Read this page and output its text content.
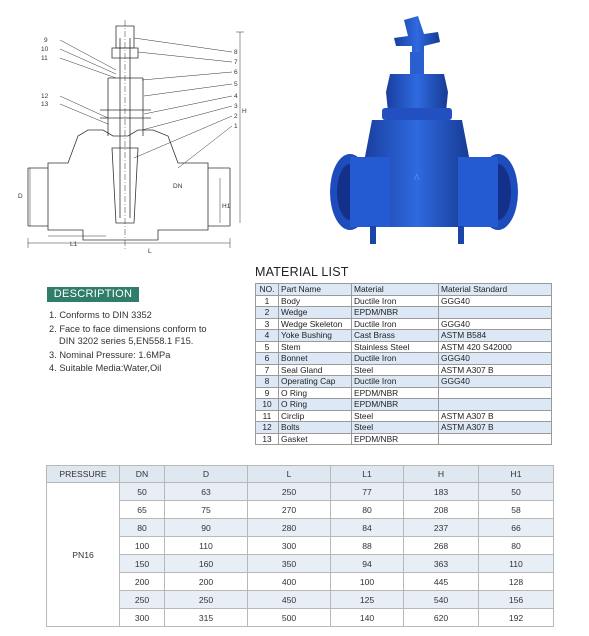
9
10
11
12
13
8
7
6
5
4
3
2
1
H
H1
D
DN
L
L1
Λ
DESCRIPTION
1. Conforms to DIN 3352
2. Face to face dimensions conform to
DIN 3202 series 5,EN558.1 F15.
3. Nominal Pressure: 1.6MPa
4. Suitable Media:Water,Oil
MATERIAL LIST
NO.	Part Name	Material	Material Standard
1	Body	Ductile Iron	GGG40
2	Wedge	EPDM/NBR	
3	Wedge Skeleton	Ductile Iron	GGG40
4	Yoke Bushing	Cast Brass	ASTM B584
5	Stem	Stainless Steel	ASTM 420 S42000
6	Bonnet	Ductile Iron	GGG40
7	Seal Gland	Steel	ASTM A307 B
8	Operating Cap	Ductile Iron	GGG40
9	O Ring	EPDM/NBR	
10	O Ring	EPDM/NBR	
11	Circlip	Steel	ASTM A307 B
12	Bolts	Steel	ASTM A307 B
13	Gasket	EPDM/NBR	
PRESSURE	DN	D	L	L1	H	H1
PN16	50	63	250	77	183	50
	65	75	270	80	208	58
	80	90	280	84	237	66
	100	110	300	88	268	80
	150	160	350	94	363	110
	200	200	400	100	445	128
	250	250	450	125	540	156
	300	315	500	140	620	192
